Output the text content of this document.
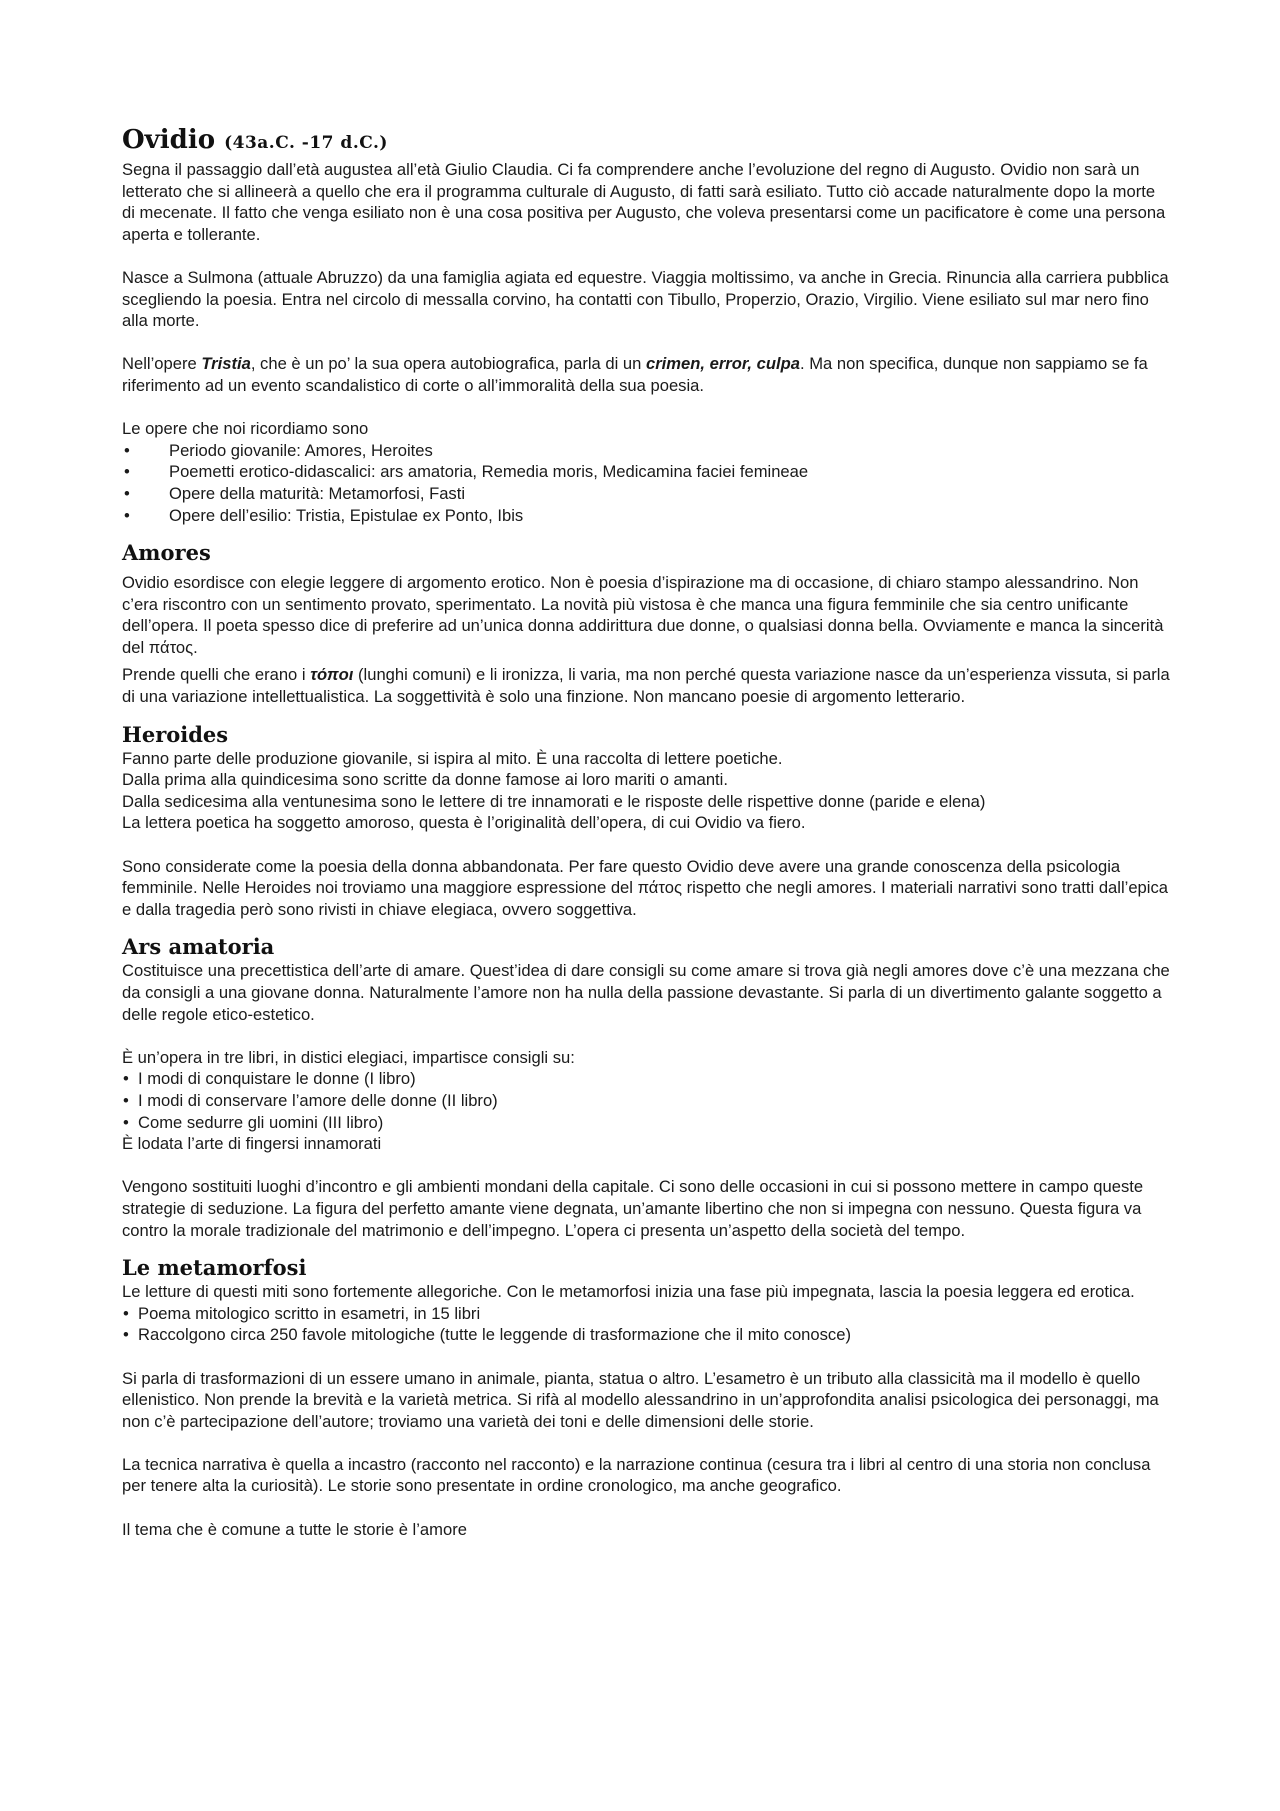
Ovidio (43a.C. -17 d.C.)

Segna il passaggio dall’età augustea all’età Giulio Claudia. Ci fa comprendere anche l’evoluzione del regno di Augusto. Ovidio non sarà un letterato che si allineerà a quello che era il programma culturale di Augusto, di fatti sarà esiliato. Tutto ciò accade naturalmente dopo la morte di mecenate. Il fatto che venga esiliato non è una cosa positiva per Augusto, che voleva presentarsi come un pacificatore è come una persona aperta e tollerante.

Nasce a Sulmona (attuale Abruzzo) da una famiglia agiata ed equestre. Viaggia moltissimo, va anche in Grecia. Rinuncia alla carriera pubblica scegliendo la poesia. Entra nel circolo di messalla corvino, ha contatti con Tibullo, Properzio, Orazio, Virgilio. Viene esiliato sul mar nero fino alla morte.

Nell’opere Tristia, che è un po’ la sua opera autobiografica, parla di un crimen, error, culpa. Ma non specifica, dunque non sappiamo se fa riferimento ad un evento scandalistico di corte o all’immoralità della sua poesia.

Le opere che noi ricordiamo sono

• Periodo giovanile: Amores, Heroites
• Poemetti erotico-didascalici: ars amatoria, Remedia moris, Medicamina faciei femineae
• Opere della maturità: Metamorfosi, Fasti
• Opere dell’esilio: Tristia, Epistulae ex Ponto, Ibis
Amores

Ovidio esordisce con elegie leggere di argomento erotico. Non è poesia d’ispirazione ma di occasione, di chiaro stampo alessandrino. Non c’era riscontro con un sentimento provato, sperimentato. La novità più vistosa è che manca una figura femminile che sia centro unificante dell’opera. Il poeta spesso dice di preferire ad un’unica donna addirittura due donne, o qualsiasi donna bella. Ovviamente e manca la sincerità del πάτος.

Prende quelli che erano i τόποι (lunghi comuni) e li ironizza, li varia, ma non perché questa variazione nasce da un’esperienza vissuta, si parla di una variazione intellettualistica. La soggettività è solo una finzione. Non mancano poesie di argomento letterario.

Heroides

Fanno parte delle produzione giovanile, si ispira al mito. È una raccolta di lettere poetiche.

Dalla prima alla quindicesima sono scritte da donne famose ai loro mariti o amanti.

Dalla sedicesima alla ventunesima sono le lettere di tre innamorati e le risposte delle rispettive donne (paride e elena)

La lettera poetica ha soggetto amoroso, questa è l’originalità dell’opera, di cui Ovidio va fiero.

Sono considerate come la poesia della donna abbandonata. Per fare questo Ovidio deve avere una grande conoscenza della psicologia femminile. Nelle Heroides noi troviamo una maggiore espressione del πάτος rispetto che negli amores. I materiali narrativi sono tratti dall’epica e dalla tragedia però sono rivisti in chiave elegiaca, ovvero soggettiva.

Ars amatoria

Costituisce una precettistica dell’arte di amare. Quest’idea di dare consigli su come amare si trova già negli amores dove c’è una mezzana che da consigli a una giovane donna. Naturalmente l’amore non ha nulla della passione devastante. Si parla di un divertimento galante soggetto a delle regole etico-estetico.

È un’opera in tre libri, in distici elegiaci, impartisce consigli su:

• I modi di conquistare le donne (I libro)
• I modi di conservare l’amore delle donne (II libro)
• Come sedurre gli uomini (III libro)

È lodata l’arte di fingersi innamorati

Vengono sostituiti luoghi d’incontro e gli ambienti mondani della capitale. Ci sono delle occasioni in cui si possono mettere in campo queste strategie di seduzione. La figura del perfetto amante viene degnata, un’amante libertino che non si impegna con nessuno. Questa figura va contro la morale tradizionale del matrimonio e dell’impegno. L’opera ci presenta un’aspetto della società del tempo.

Le metamorfosi

Le letture di questi miti sono fortemente allegoriche. Con le metamorfosi inizia una fase più impegnata, lascia la poesia leggera ed erotica.

• Poema mitologico scritto in esametri, in 15 libri
• Raccolgono circa 250 favole mitologiche (tutte le leggende di trasformazione che il mito conosce)

Si parla di trasformazioni di un essere umano in animale, pianta, statua o altro. L’esametro è un tributo alla classicità ma il modello è quello ellenistico. Non prende la brevità e la varietà metrica. Si rifà al modello alessandrino in un’approfondita analisi psicologica dei personaggi, ma non c’è partecipazione dell’autore; troviamo una varietà dei toni e delle dimensioni delle storie.

La tecnica narrativa è quella a incastro (racconto nel racconto) e la narrazione continua (cesura tra i libri al centro di una storia non conclusa per tenere alta la curiosità). Le storie sono presentate in ordine cronologico, ma anche geografico.

Il tema che è comune a tutte le storie è l’amore
